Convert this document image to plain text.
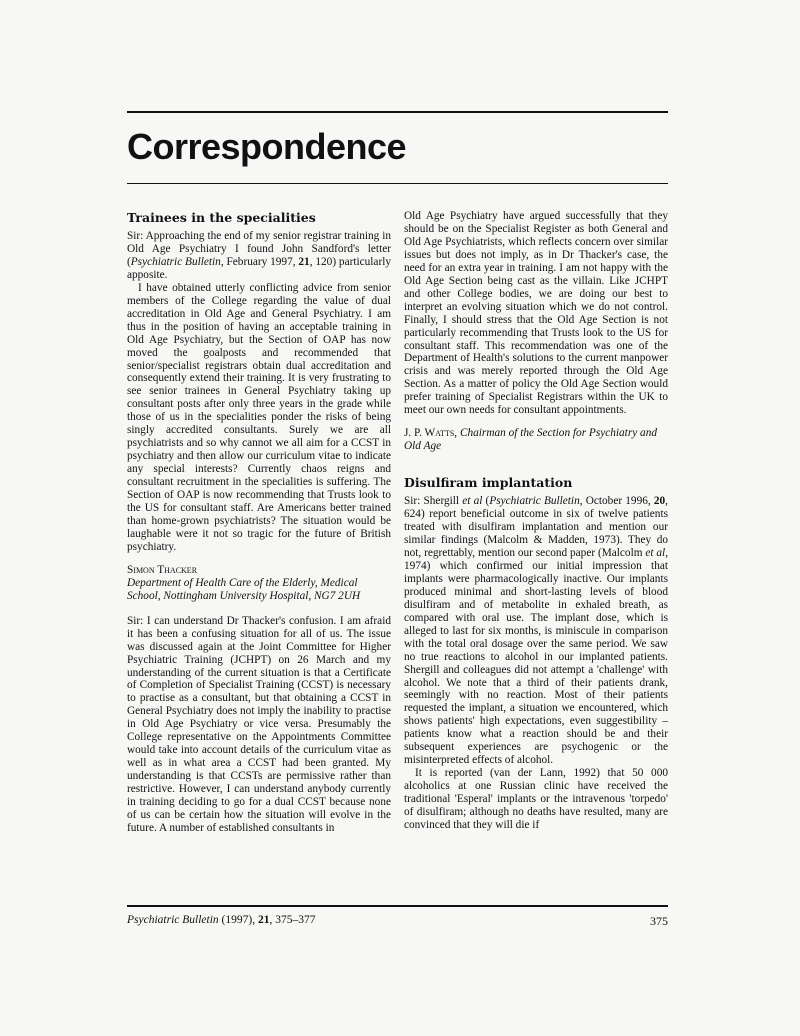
Correspondence
Trainees in the specialities

Sir: Approaching the end of my senior registrar training in Old Age Psychiatry I found John Sandford's letter (Psychiatric Bulletin, February 1997, 21, 120) particularly apposite.

I have obtained utterly conflicting advice from senior members of the College regarding the value of dual accreditation in Old Age and General Psychiatry. I am thus in the position of having an acceptable training in Old Age Psychiatry, but the Section of OAP has now moved the goalposts and recommended that senior/specialist registrars obtain dual accreditation and consequently extend their training. It is very frustrating to see senior trainees in General Psychiatry taking up consultant posts after only three years in the grade while those of us in the specialities ponder the risks of being singly accredited consultants. Surely we are all psychiatrists and so why cannot we all aim for a CCST in psychiatry and then allow our curriculum vitae to indicate any special interests? Currently chaos reigns and consultant recruitment in the specialities is suffering. The Section of OAP is now recommending that Trusts look to the US for consultant staff. Are Americans better trained than home-grown psychiatrists? The situation would be laughable were it not so tragic for the future of British psychiatry.

Simon Thacker
Department of Health Care of the Elderly, Medical School, Nottingham University Hospital, NG7 2UH

Sir: I can understand Dr Thacker's confusion. I am afraid it has been a confusing situation for all of us. The issue was discussed again at the Joint Committee for Higher Psychiatric Training (JCHPT) on 26 March and my understanding of the current situation is that a Certificate of Completion of Specialist Training (CCST) is necessary to practise as a consultant, but that obtaining a CCST in General Psychiatry does not imply the inability to practise in Old Age Psychiatry or vice versa. Presumably the College representative on the Appointments Committee would take into account details of the curriculum vitae as well as in what area a CCST had been granted. My understanding is that CCSTs are permissive rather than restrictive. However, I can understand anybody currently in training deciding to go for a dual CCST because none of us can be certain how the situation will evolve in the future. A number of established consultants in

Old Age Psychiatry have argued successfully that they should be on the Specialist Register as both General and Old Age Psychiatrists, which reflects concern over similar issues but does not imply, as in Dr Thacker's case, the need for an extra year in training. I am not happy with the Old Age Section being cast as the villain. Like JCHPT and other College bodies, we are doing our best to interpret an evolving situation which we do not control. Finally, I should stress that the Old Age Section is not particularly recommending that Trusts look to the US for consultant staff. This recommendation was one of the Department of Health's solutions to the current manpower crisis and was merely reported through the Old Age Section. As a matter of policy the Old Age Section would prefer training of Specialist Registrars within the UK to meet our own needs for consultant appointments.

J. P. Watts, Chairman of the Section for Psychiatry and Old Age

Disulfiram implantation

Sir: Shergill et al (Psychiatric Bulletin, October 1996, 20, 624) report beneficial outcome in six of twelve patients treated with disulfiram implantation and mention our similar findings (Malcolm & Madden, 1973). They do not, regrettably, mention our second paper (Malcolm et al, 1974) which confirmed our initial impression that implants were pharmacologically inactive. Our implants produced minimal and short-lasting levels of blood disulfiram and of metabolite in exhaled breath, as compared with oral use. The implant dose, which is alleged to last for six months, is miniscule in comparison with the total oral dosage over the same period. We saw no true reactions to alcohol in our implanted patients. Shergill and colleagues did not attempt a 'challenge' with alcohol. We note that a third of their patients drank, seemingly with no reaction. Most of their patients requested the implant, a situation we encountered, which shows patients' high expectations, even suggestibility – patients know what a reaction should be and their subsequent experiences are psychogenic or the misinterpreted effects of alcohol.

It is reported (van der Lann, 1992) that 50 000 alcoholics at one Russian clinic have received the traditional 'Esperal' implants or the intravenous 'torpedo' of disulfiram; although no deaths have resulted, many are convinced that they will die if

Psychiatric Bulletin (1997), 21, 375–377	375
